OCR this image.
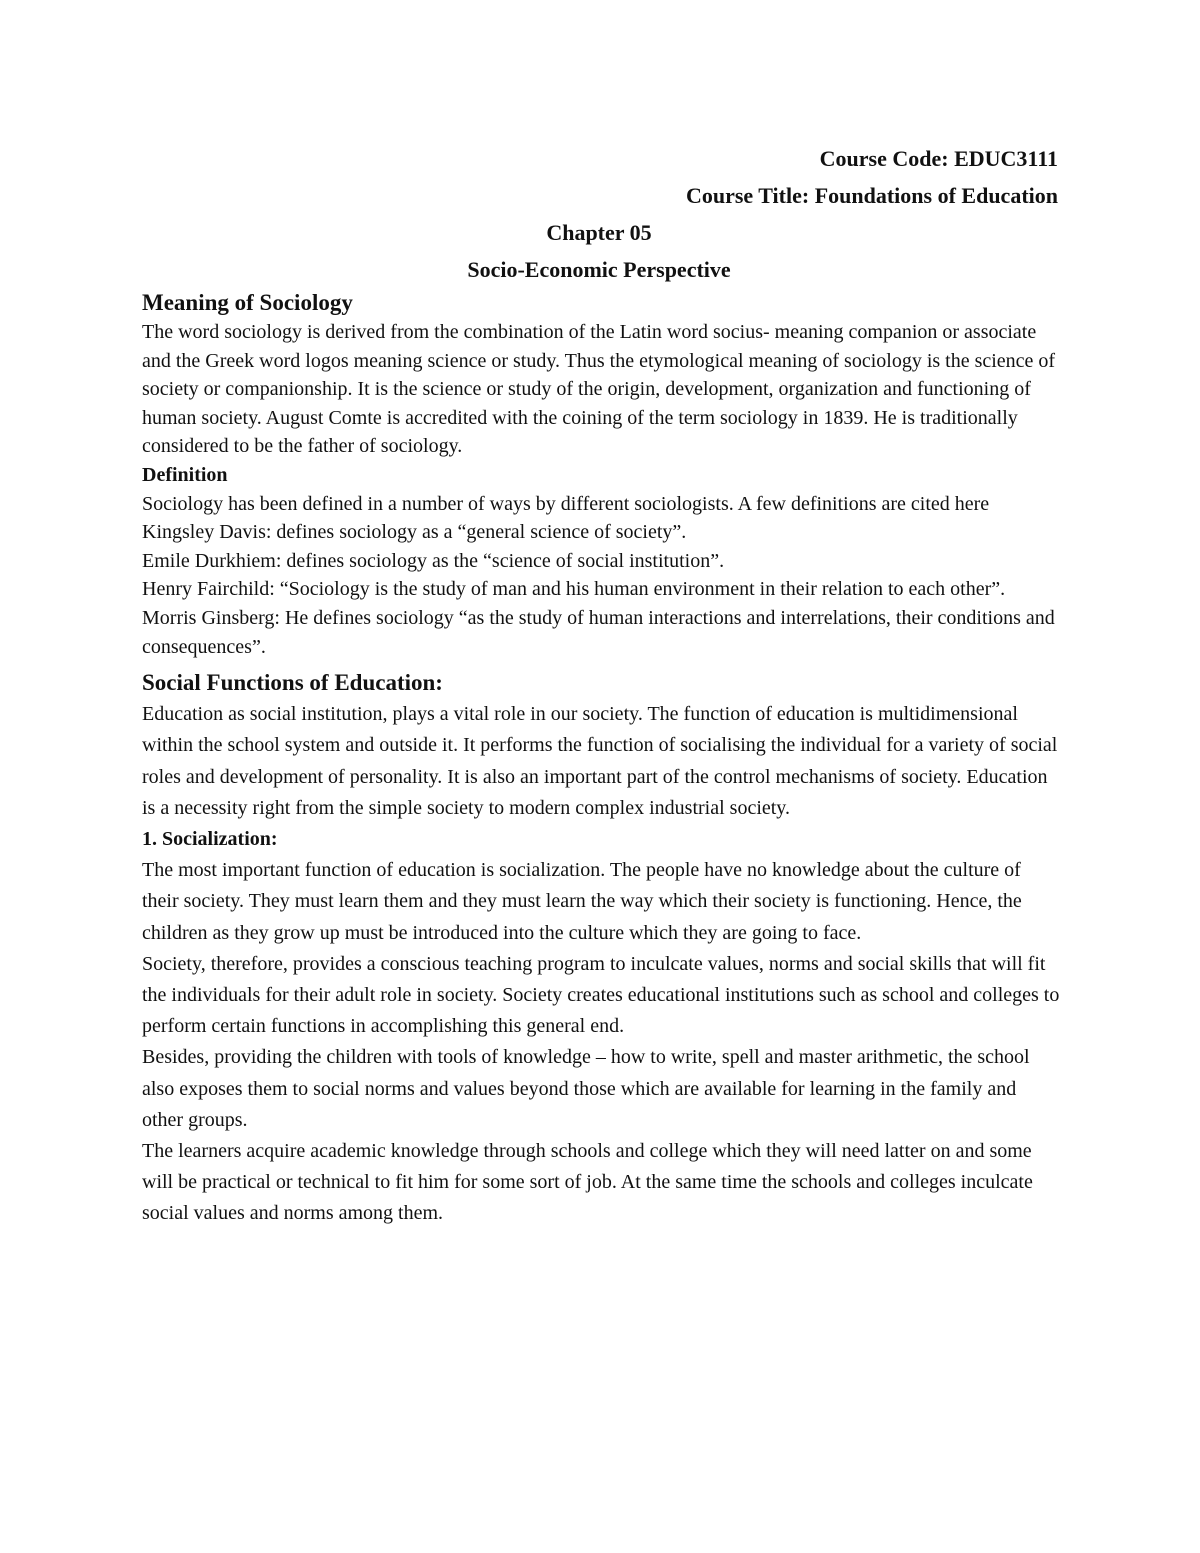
Course Code: EDUC3111
Course Title: Foundations of Education
Chapter 05
Socio-Economic Perspective
Meaning of Sociology

The word sociology is derived from the combination of the Latin word socius- meaning companion or associate and the Greek word logos meaning science or study. Thus the etymological meaning of sociology is the science of society or companionship. It is the science or study of the origin, development, organization and functioning of human society. August Comte is accredited with the coining of the term sociology in 1839. He is traditionally considered to be the father of sociology.

Definition

Sociology has been defined in a number of ways by different sociologists. A few definitions are cited here

Kingsley Davis: defines sociology as a “general science of society”.

Emile Durkhiem: defines sociology as the “science of social institution”.

Henry Fairchild: “Sociology is the study of man and his human environment in their relation to each other”.

Morris Ginsberg: He defines sociology “as the study of human interactions and interrelations, their conditions and consequences”.

Social Functions of Education:

Education as social institution, plays a vital role in our society. The function of education is multidimensional within the school system and outside it. It performs the function of socialising the individual for a variety of social roles and development of personality. It is also an important part of the control mechanisms of society. Education is a necessity right from the simple society to modern complex industrial society.

1. Socialization:

The most important function of education is socialization. The people have no knowledge about the culture of their society. They must learn them and they must learn the way which their society is functioning. Hence, the children as they grow up must be introduced into the culture which they are going to face.

Society, therefore, provides a conscious teaching program to inculcate values, norms and social skills that will fit the individuals for their adult role in society. Society creates educational institutions such as school and colleges to perform certain functions in accomplishing this general end.

Besides, providing the children with tools of knowledge – how to write, spell and master arithmetic, the school also exposes them to social norms and values beyond those which are available for learning in the family and other groups.

The learners acquire academic knowledge through schools and college which they will need latter on and some will be practical or technical to fit him for some sort of job. At the same time the schools and colleges inculcate social values and norms among them.
